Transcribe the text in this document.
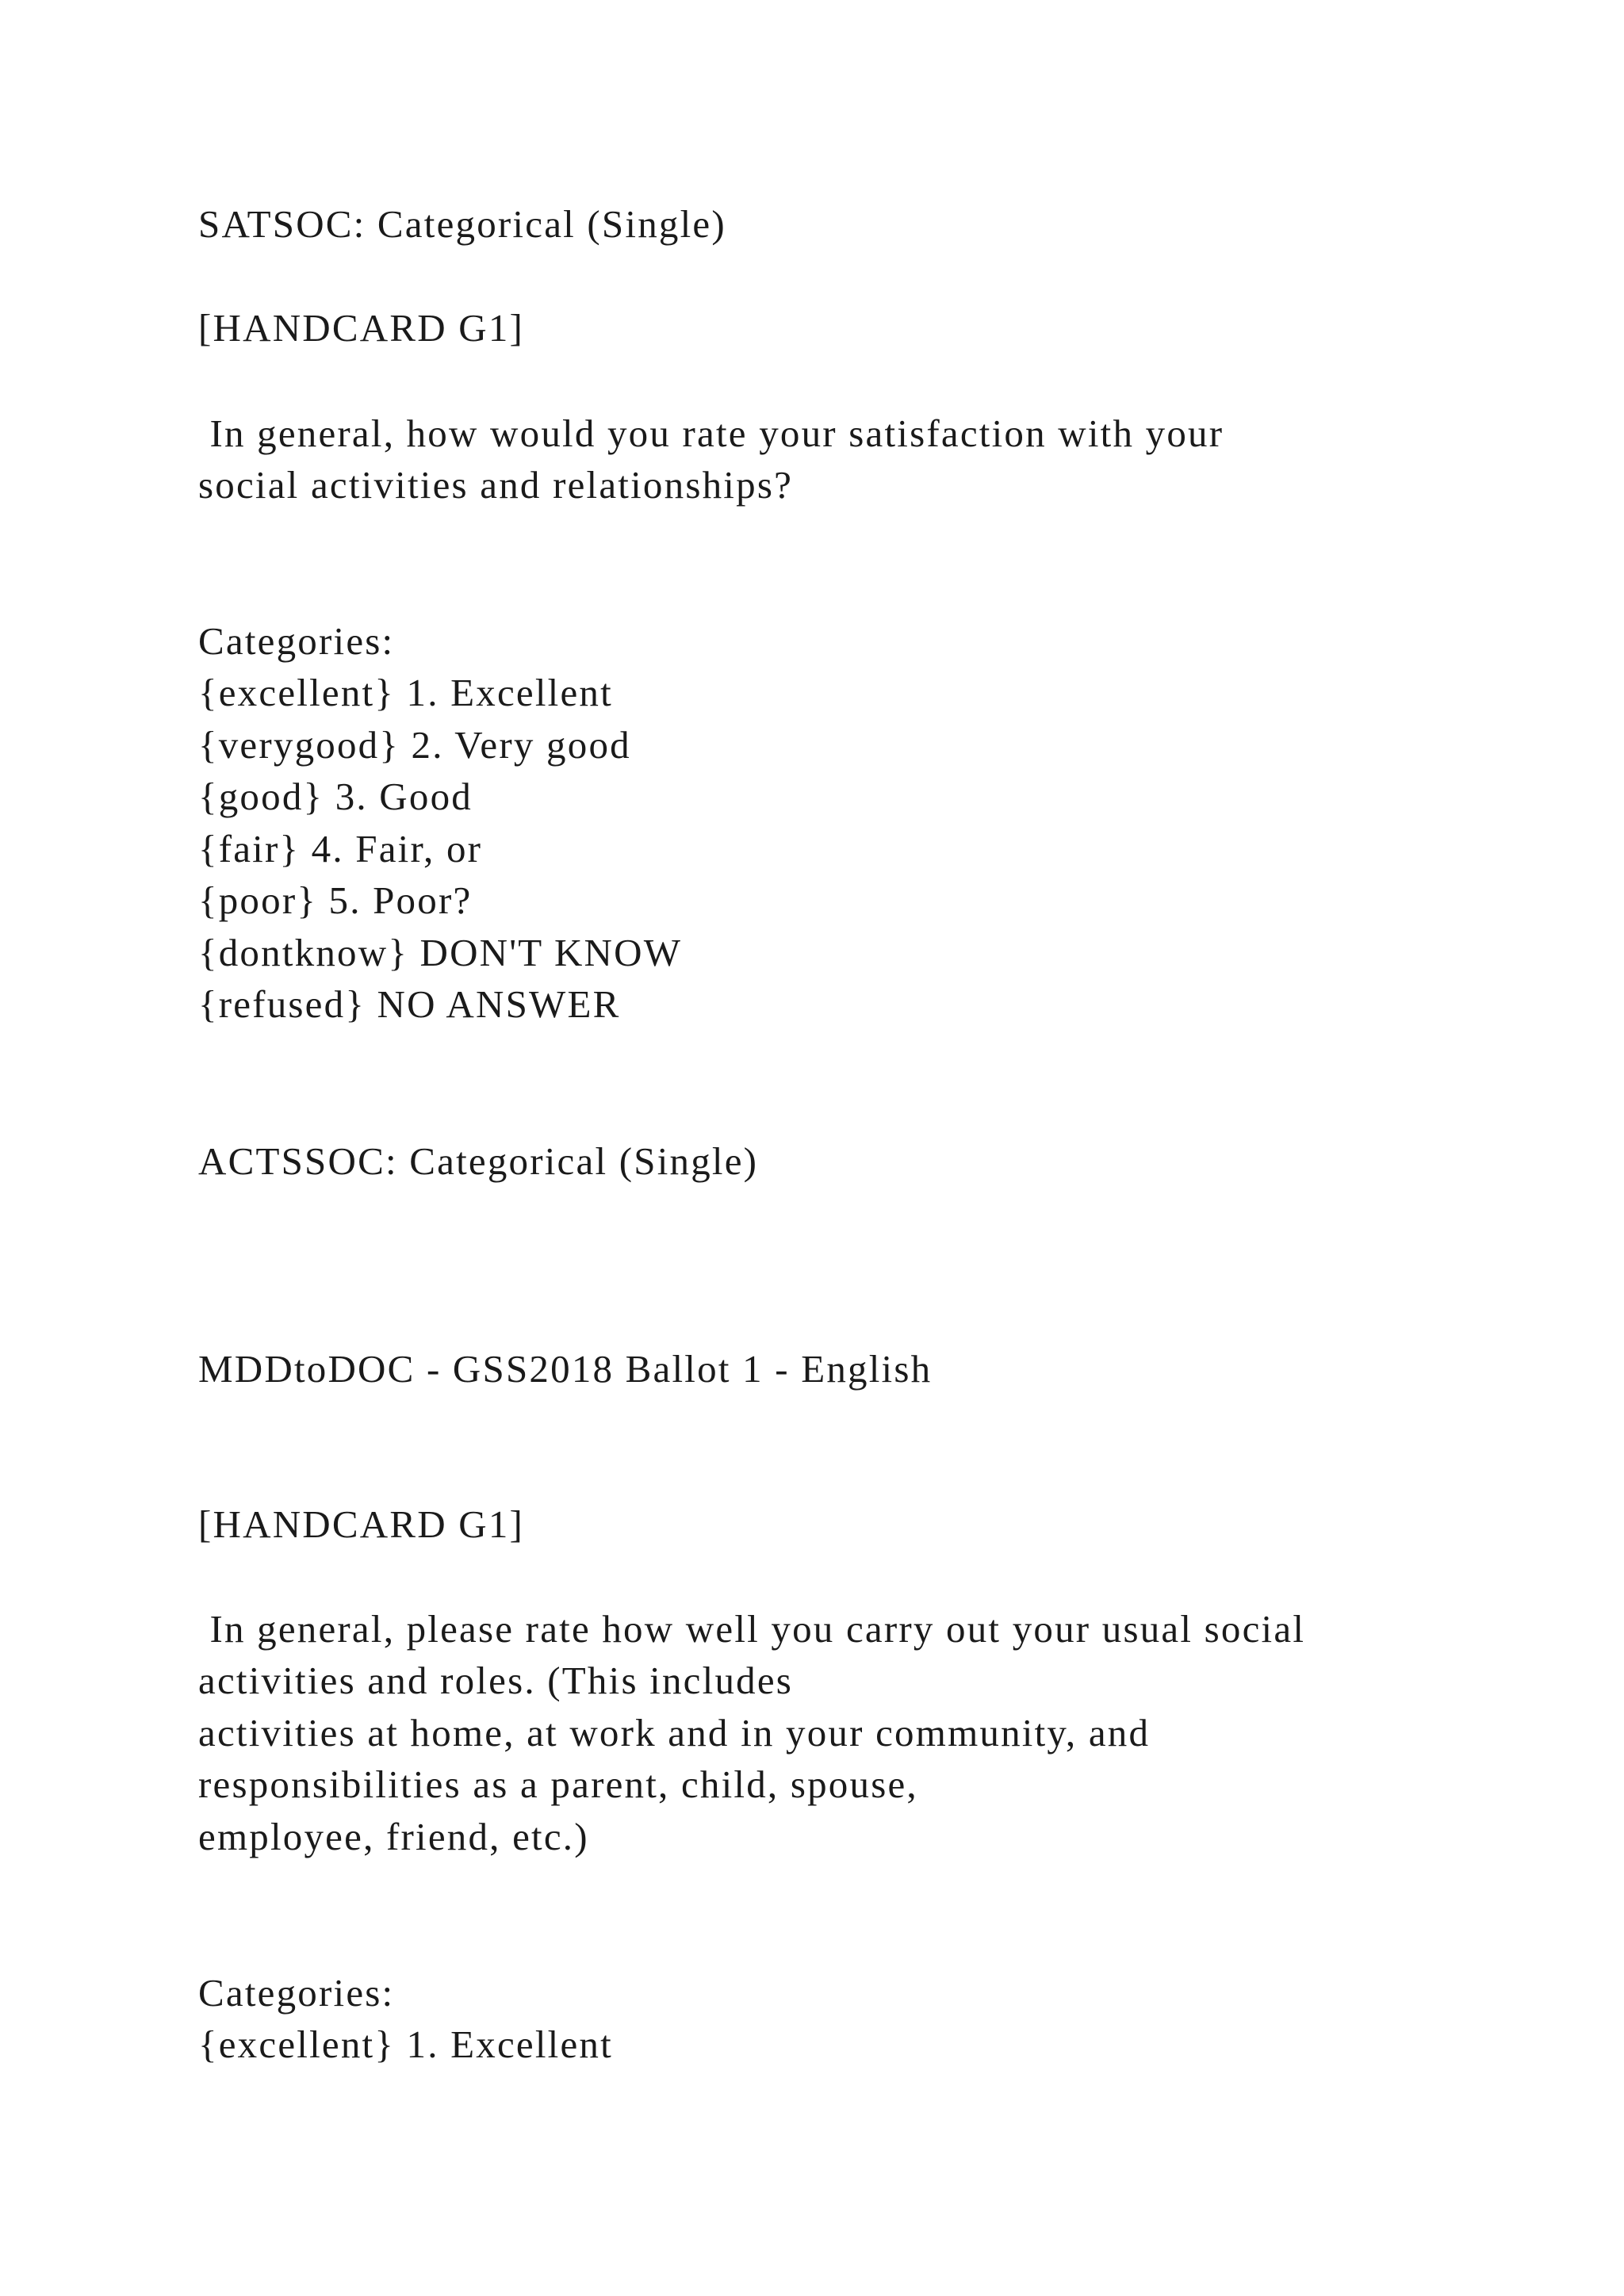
SATSOC: Categorical (Single)
[HANDCARD G1]
In general, how would you rate your satisfaction with your
social activities and relationships?
Categories:
{excellent} 1. Excellent
{verygood} 2. Very good
{good} 3. Good
{fair} 4. Fair, or
{poor} 5. Poor?
{dontknow} DON'T KNOW
{refused} NO ANSWER
ACTSSOC: Categorical (Single)
MDDtoDOC - GSS2018 Ballot 1 - English
[HANDCARD G1]
In general, please rate how well you carry out your usual social
activities and roles. (This includes
activities at home, at work and in your community, and
responsibilities as a parent, child, spouse,
employee, friend, etc.)
Categories:
{excellent} 1. Excellent
